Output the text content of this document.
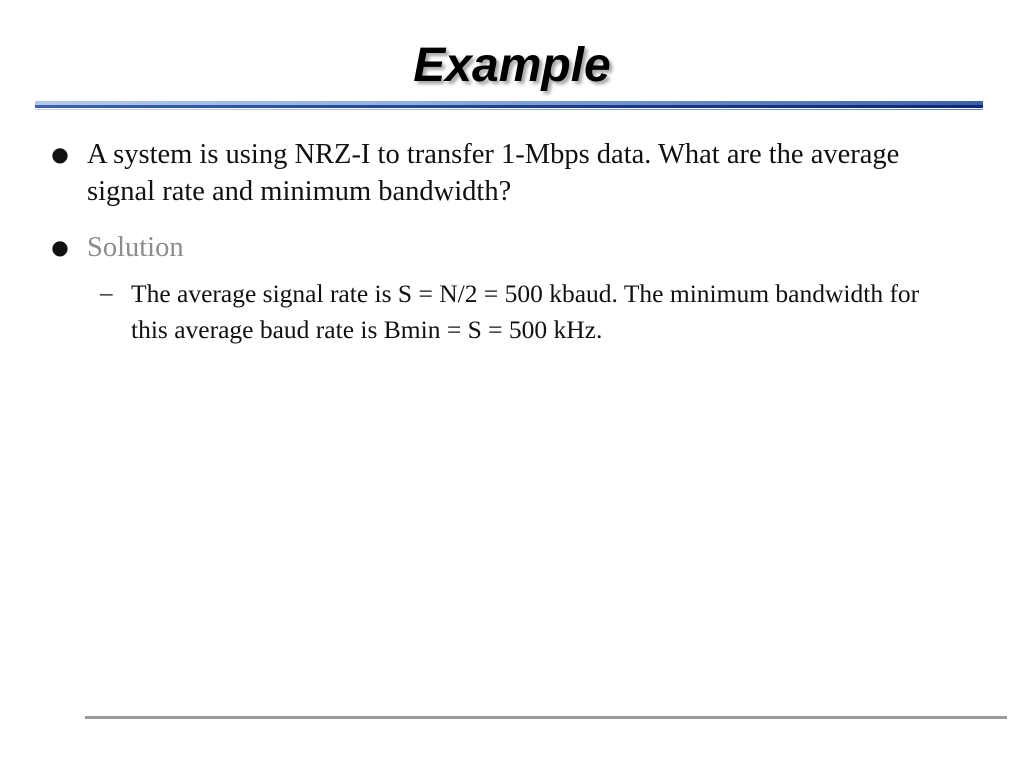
Example
● A system is using NRZ-I to transfer 1-Mbps data. What are the average signal rate and minimum bandwidth?
● Solution
– The average signal rate is S = N/2 = 500 kbaud. The minimum bandwidth for this average baud rate is Bmin = S = 500 kHz.
